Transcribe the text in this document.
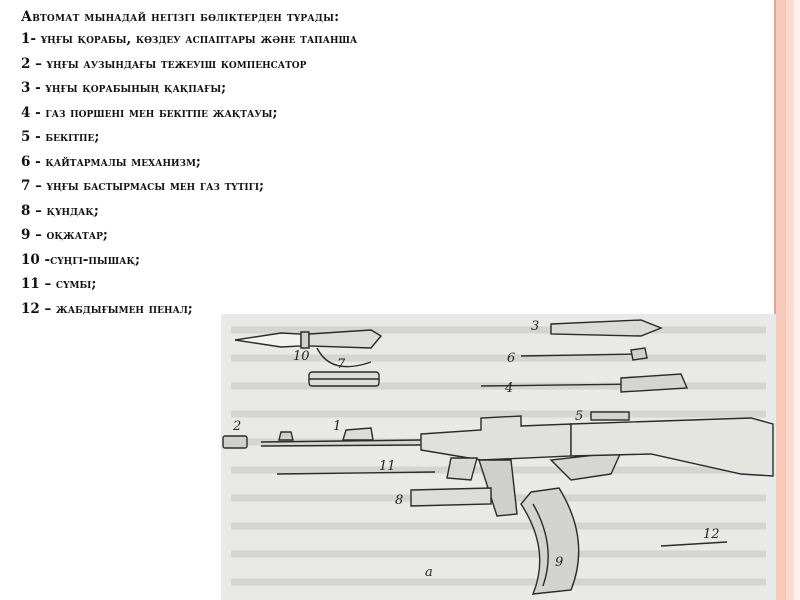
Автомат мынадай негізгі бөліктерден тұрады:
1- ұңғы қорабы, көздеу аспаптары және тапанша
2 – ұңғы аузындағы тежеуіш компенсатор
3 - ұңғы қорабының қақпағы;
4 - газ поршені мен бекітпе жақтауы;
5 - бекітпе;
6 - қайтармалы механизм;
7 – ұңғы бастырмасы мен газ түтігі;
8 – құндақ;
9 – оқжатар;
10 -сүңгі-пышақ;
11 – сүмбі;
12 – жабдығымен пенал;
10
3
6
7
4
5
2	1
11
8
12
9
а
